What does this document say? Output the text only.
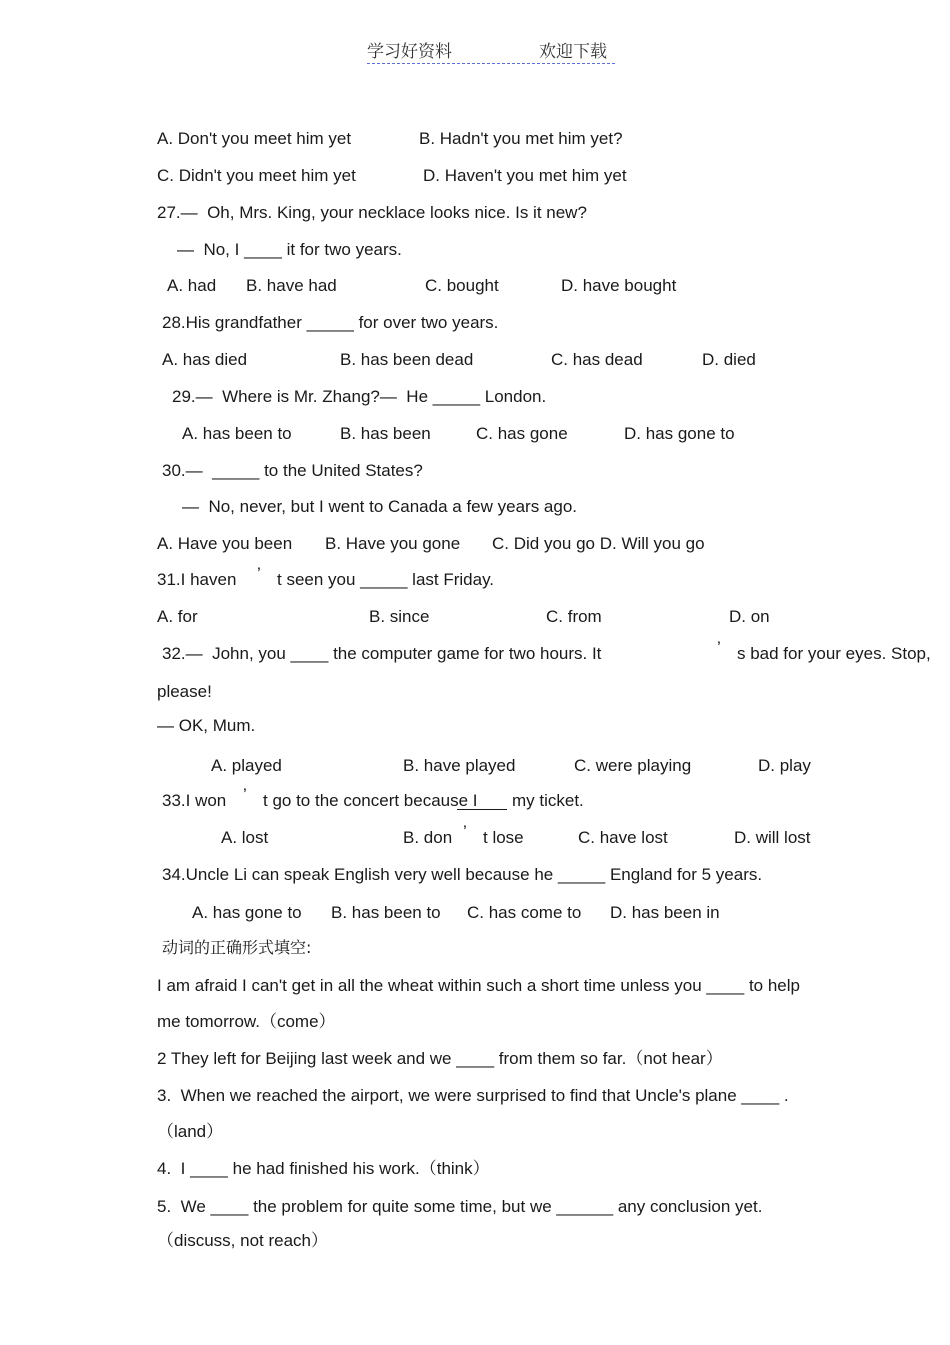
学习好资料	欢迎下载
A. Don't you meet him yet	B. Hadn't you met him yet?
C. Didn't you meet him yet	D. Haven't you met him yet
27.—  Oh, Mrs. King, your necklace looks nice. Is it new?
—  No, I ____ it for two years.
A. had B. have had	C. bought	D. have bought
28.His grandfather _____ for over two years.
A. has died	B. has been dead	C. has dead	D. died
29.—  Where is Mr. Zhang?—  He _____ London.
A. has been to	B. has been	C. has gone	D. has gone to
30.—  _____ to the United States?
—  No, never, but I went to Canada a few years ago.
A. Have you been B. Have you gone C. Did you go D. Will you go
31.I haven ’ t seen you _____ last Friday.
A. for	B. since	C. from	D. on
32.—  John, you ____ the computer game for two hours. It	’ s bad for your eyes. Stop,
please!
— OK, Mum.
A. played	B. have played	C. were playing	D. play
33.I won ’ t go to the concert because I my ticket.
A. lost	B. don ’ t lose	C. have lost	D. will lost
34.Uncle Li can speak English very well because he _____ England for 5 years.
A. has gone to B. has been to C. has come to D. has been in
动词的正确形式填空:
I am afraid I can't get in all the wheat within such a short time unless you ____ to help
me tomorrow.（come）
2 They left for Beijing last week and we ____ from them so far.（not hear）
3.  When we reached the airport, we were surprised to find that Uncle's plane ____ .
（land）
4.  I ____ he had finished his work.（think）
5.  We ____ the problem for quite some time, but we ______ any conclusion yet.
（discuss, not reach）
